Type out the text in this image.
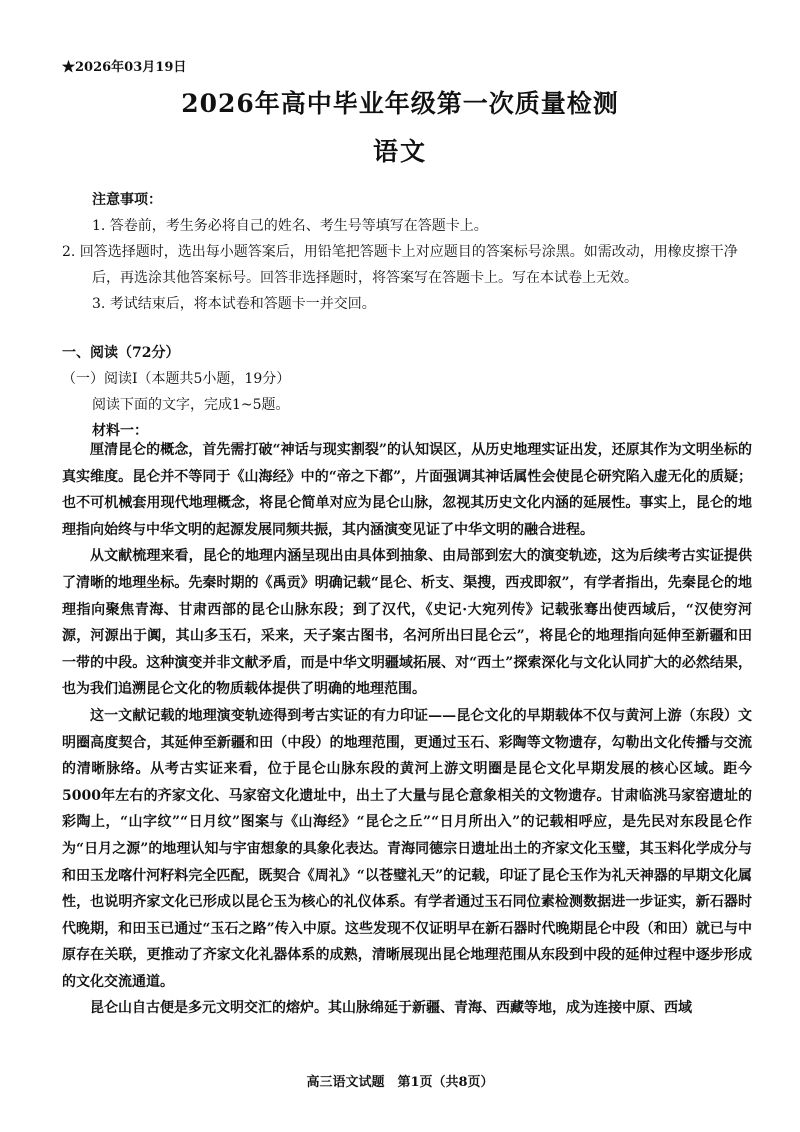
★2026年03月19日
2026年高中毕业年级第一次质量检测
语文
注意事项：
1. 答卷前，考生务必将自己的姓名、考生号等填写在答题卡上。
2. 回答选择题时，选出每小题答案后，用铅笔把答题卡上对应题目的答案标号涂黑。如需改动，用橡皮擦干净后，再选涂其他答案标号。回答非选择题时，将答案写在答题卡上。写在本试卷上无效。
3. 考试结束后，将本试卷和答题卡一并交回。
一、阅读（72分）
（一）阅读Ⅰ（本题共5小题，19分）
阅读下面的文字，完成1~5题。
材料一：

厘清昆仑的概念，首先需打破“神话与现实割裂”的认知误区，从历史地理实证出发，还原其作为文明坐标的真实维度。昆仑并不等同于《山海经》中的“帝之下都”，片面强调其神话属性会使昆仑研究陷入虚无化的质疑；也不可机械套用现代地理概念，将昆仑简单对应为昆仑山脉，忽视其历史文化内涵的延展性。事实上，昆仑的地理指向始终与中华文明的起源发展同频共振，其内涵演变见证了中华文明的融合进程。

从文献梳理来看，昆仑的地理内涵呈现出由具体到抽象、由局部到宏大的演变轨迹，这为后续考古实证提供了清晰的地理坐标。先秦时期的《禹贡》明确记载“昆仑、析支、渠搜，西戎即叙”，有学者指出，先秦昆仑的地理指向聚焦青海、甘肃西部的昆仑山脉东段；到了汉代，《史记·大宛列传》记载张骞出使西域后，“汉使穷河源，河源出于阗，其山多玉石，采来，天子案古图书，名河所出曰昆仑云”，将昆仑的地理指向延伸至新疆和田一带的中段。这种演变并非文献矛盾，而是中华文明疆域拓展、对“西土”探索深化与文化认同扩大的必然结果，也为我们追溯昆仑文化的物质载体提供了明确的地理范围。

这一文献记载的地理演变轨迹得到考古实证的有力印证——昆仑文化的早期载体不仅与黄河上游（东段）文明圈高度契合，其延伸至新疆和田（中段）的地理范围，更通过玉石、彩陶等文物遗存，勾勒出文化传播与交流的清晰脉络。从考古实证来看，位于昆仑山脉东段的黄河上游文明圈是昆仑文化早期发展的核心区域。距今5000年左右的齐家文化、马家窑文化遗址中，出土了大量与昆仑意象相关的文物遗存。甘肃临洮马家窑遗址的彩陶上，“山字纹”“日月纹”图案与《山海经》“昆仑之丘”“日月所出入”的记载相呼应，是先民对东段昆仑作为“日月之源”的地理认知与宇宙想象的具象化表达。青海同德宗日遗址出土的齐家文化玉璧，其玉料化学成分与和田玉龙喀什河籽料完全匹配，既契合《周礼》“以苍璧礼天”的记载，印证了昆仑玉作为礼天神器的早期文化属性，也说明齐家文化已形成以昆仑玉为核心的礼仪体系。有学者通过玉石同位素检测数据进一步证实，新石器时代晚期，和田玉已通过“玉石之路”传入中原。这些发现不仅证明早在新石器时代晚期昆仑中段（和田）就已与中原存在关联，更推动了齐家文化礼器体系的成熟，清晰展现出昆仑地理范围从东段到中段的延伸过程中逐步形成的文化交流通道。

昆仑山自古便是多元文明交汇的熔炉。其山脉绵延于新疆、青海、西藏等地，成为连接中原、西域

高三语文试题　第1页（共8页）
